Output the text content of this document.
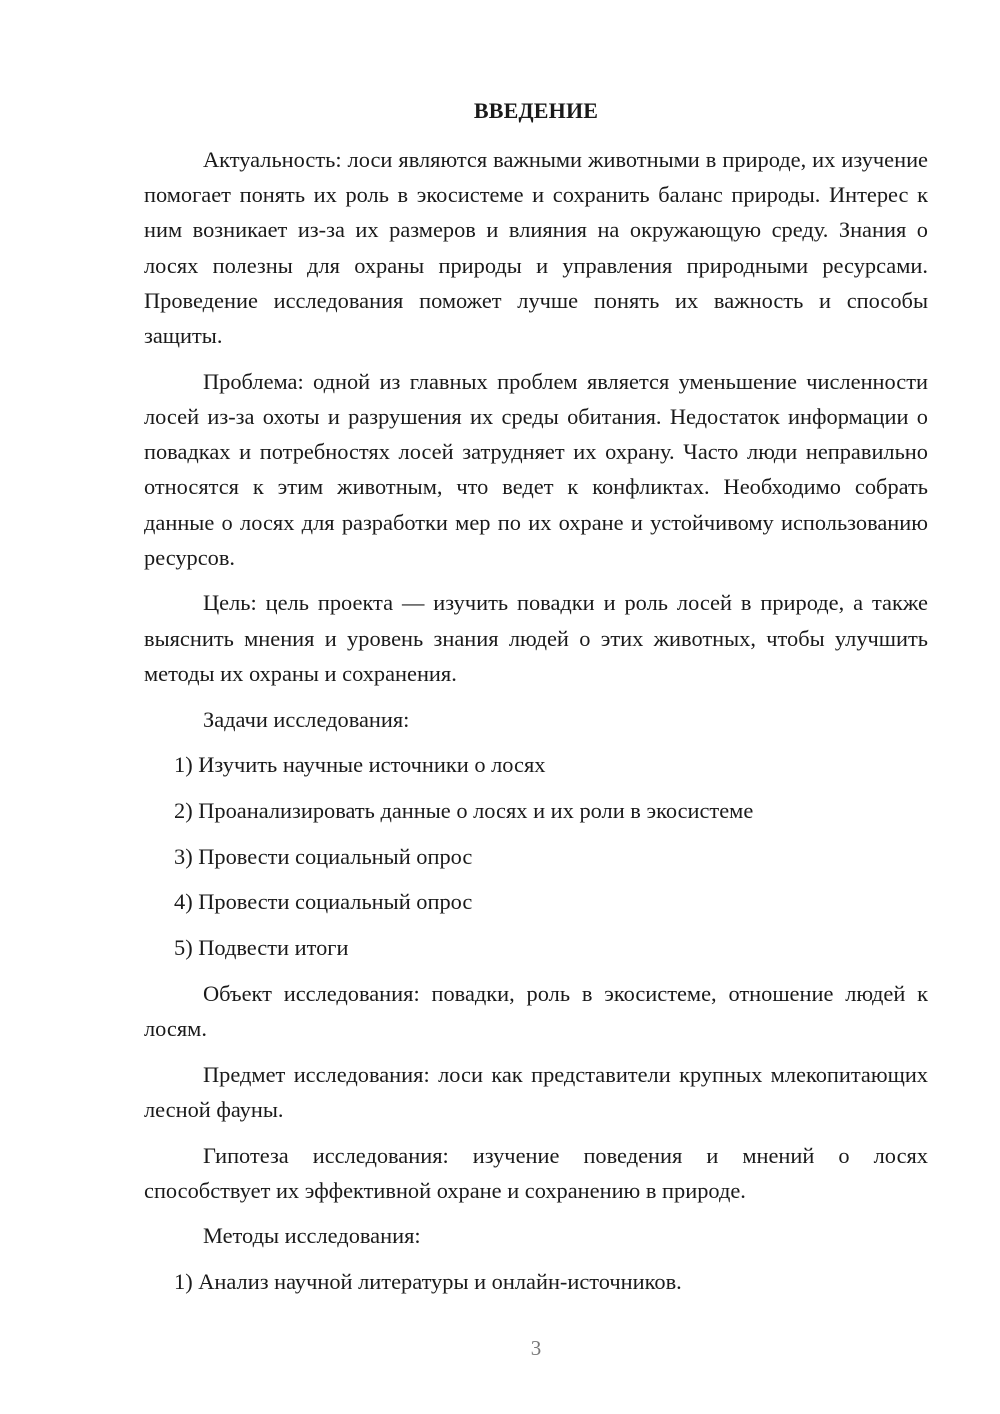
ВВЕДЕНИЕ

Актуальность: лоси являются важными животными в природе, их изучение помогает понять их роль в экосистеме и сохранить баланс природы. Интерес к ним возникает из-за их размеров и влияния на окружающую среду. Знания о лосях полезны для охраны природы и управления природными ресурсами. Проведение исследования поможет лучше понять их важность и способы защиты.

Проблема: одной из главных проблем является уменьшение численности лосей из-за охоты и разрушения их среды обитания. Недостаток информации о повадках и потребностях лосей затрудняет их охрану. Часто люди неправильно относятся к этим животным, что ведет к конфликтах. Необходимо собрать данные о лосях для разработки мер по их охране и устойчивому использованию ресурсов.

Цель: цель проекта — изучить повадки и роль лосей в природе, а также выяснить мнения и уровень знания людей о этих животных, чтобы улучшить методы их охраны и сохранения.

Задачи исследования:

1) Изучить научные источники о лосях

2) Проанализировать данные о лосях и их роли в экосистеме

3) Провести социальный опрос

4) Провести социальный опрос

5) Подвести итоги

Объект исследования: повадки, роль в экосистеме, отношение людей к лосям.

Предмет исследования: лоси как представители крупных млекопитающих лесной фауны.

Гипотеза исследования: изучение поведения и мнений о лосях способствует их эффективной охране и сохранению в природе.

Методы исследования:

1) Анализ научной литературы и онлайн-источников.

3
